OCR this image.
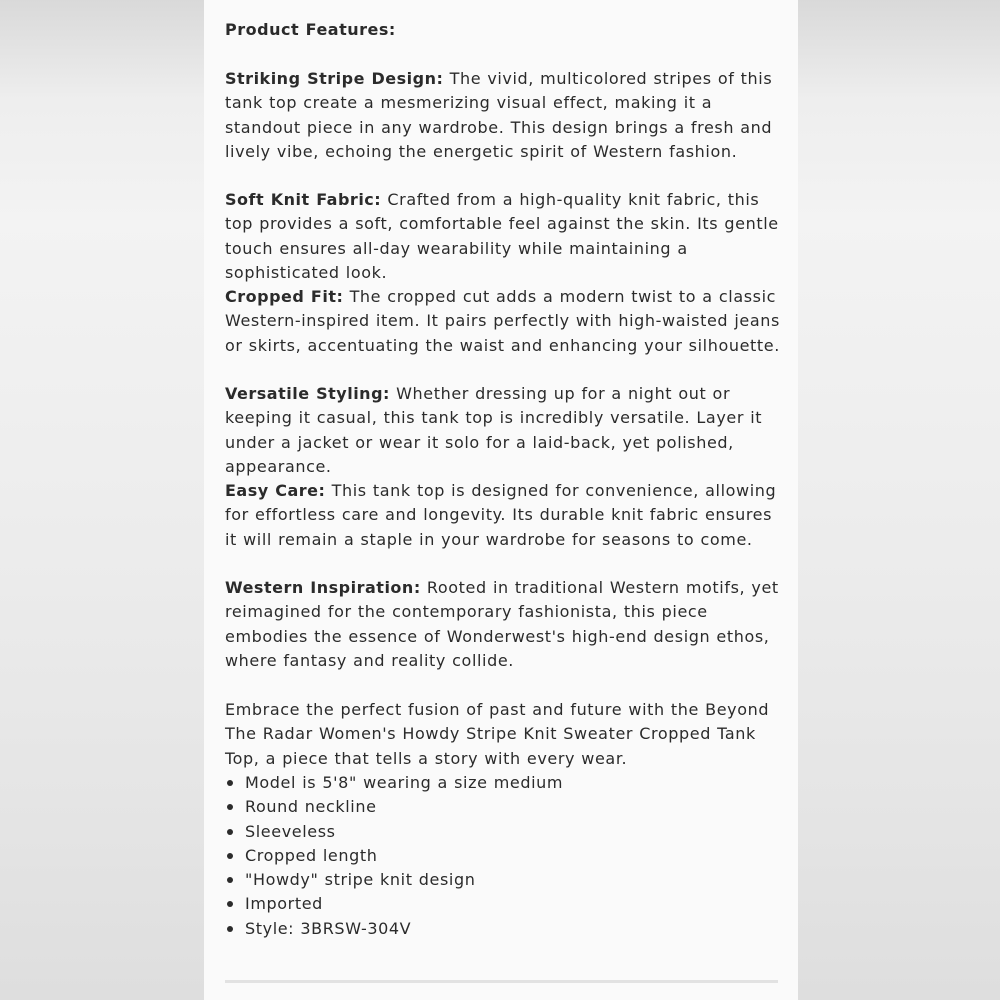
Product Features:

Striking Stripe Design: The vivid, multicolored stripes of this tank top create a mesmerizing visual effect, making it a standout piece in any wardrobe. This design brings a fresh and lively vibe, echoing the energetic spirit of Western fashion.

Soft Knit Fabric: Crafted from a high-quality knit fabric, this top provides a soft, comfortable feel against the skin. Its gentle touch ensures all-day wearability while maintaining a sophisticated look.

Cropped Fit: The cropped cut adds a modern twist to a classic Western-inspired item. It pairs perfectly with high-waisted jeans or skirts, accentuating the waist and enhancing your silhouette.

Versatile Styling: Whether dressing up for a night out or keeping it casual, this tank top is incredibly versatile. Layer it under a jacket or wear it solo for a laid-back, yet polished, appearance.

Easy Care: This tank top is designed for convenience, allowing for effortless care and longevity. Its durable knit fabric ensures it will remain a staple in your wardrobe for seasons to come.

Western Inspiration: Rooted in traditional Western motifs, yet reimagined for the contemporary fashionista, this piece embodies the essence of Wonderwest's high-end design ethos, where fantasy and reality collide.

Embrace the perfect fusion of past and future with the Beyond The Radar Women's Howdy Stripe Knit Sweater Cropped Tank Top, a piece that tells a story with every wear.

Model is 5'8" wearing a size medium
Round neckline
Sleeveless
Cropped length
"Howdy" stripe knit design
Imported
Style: 3BRSW-304V
